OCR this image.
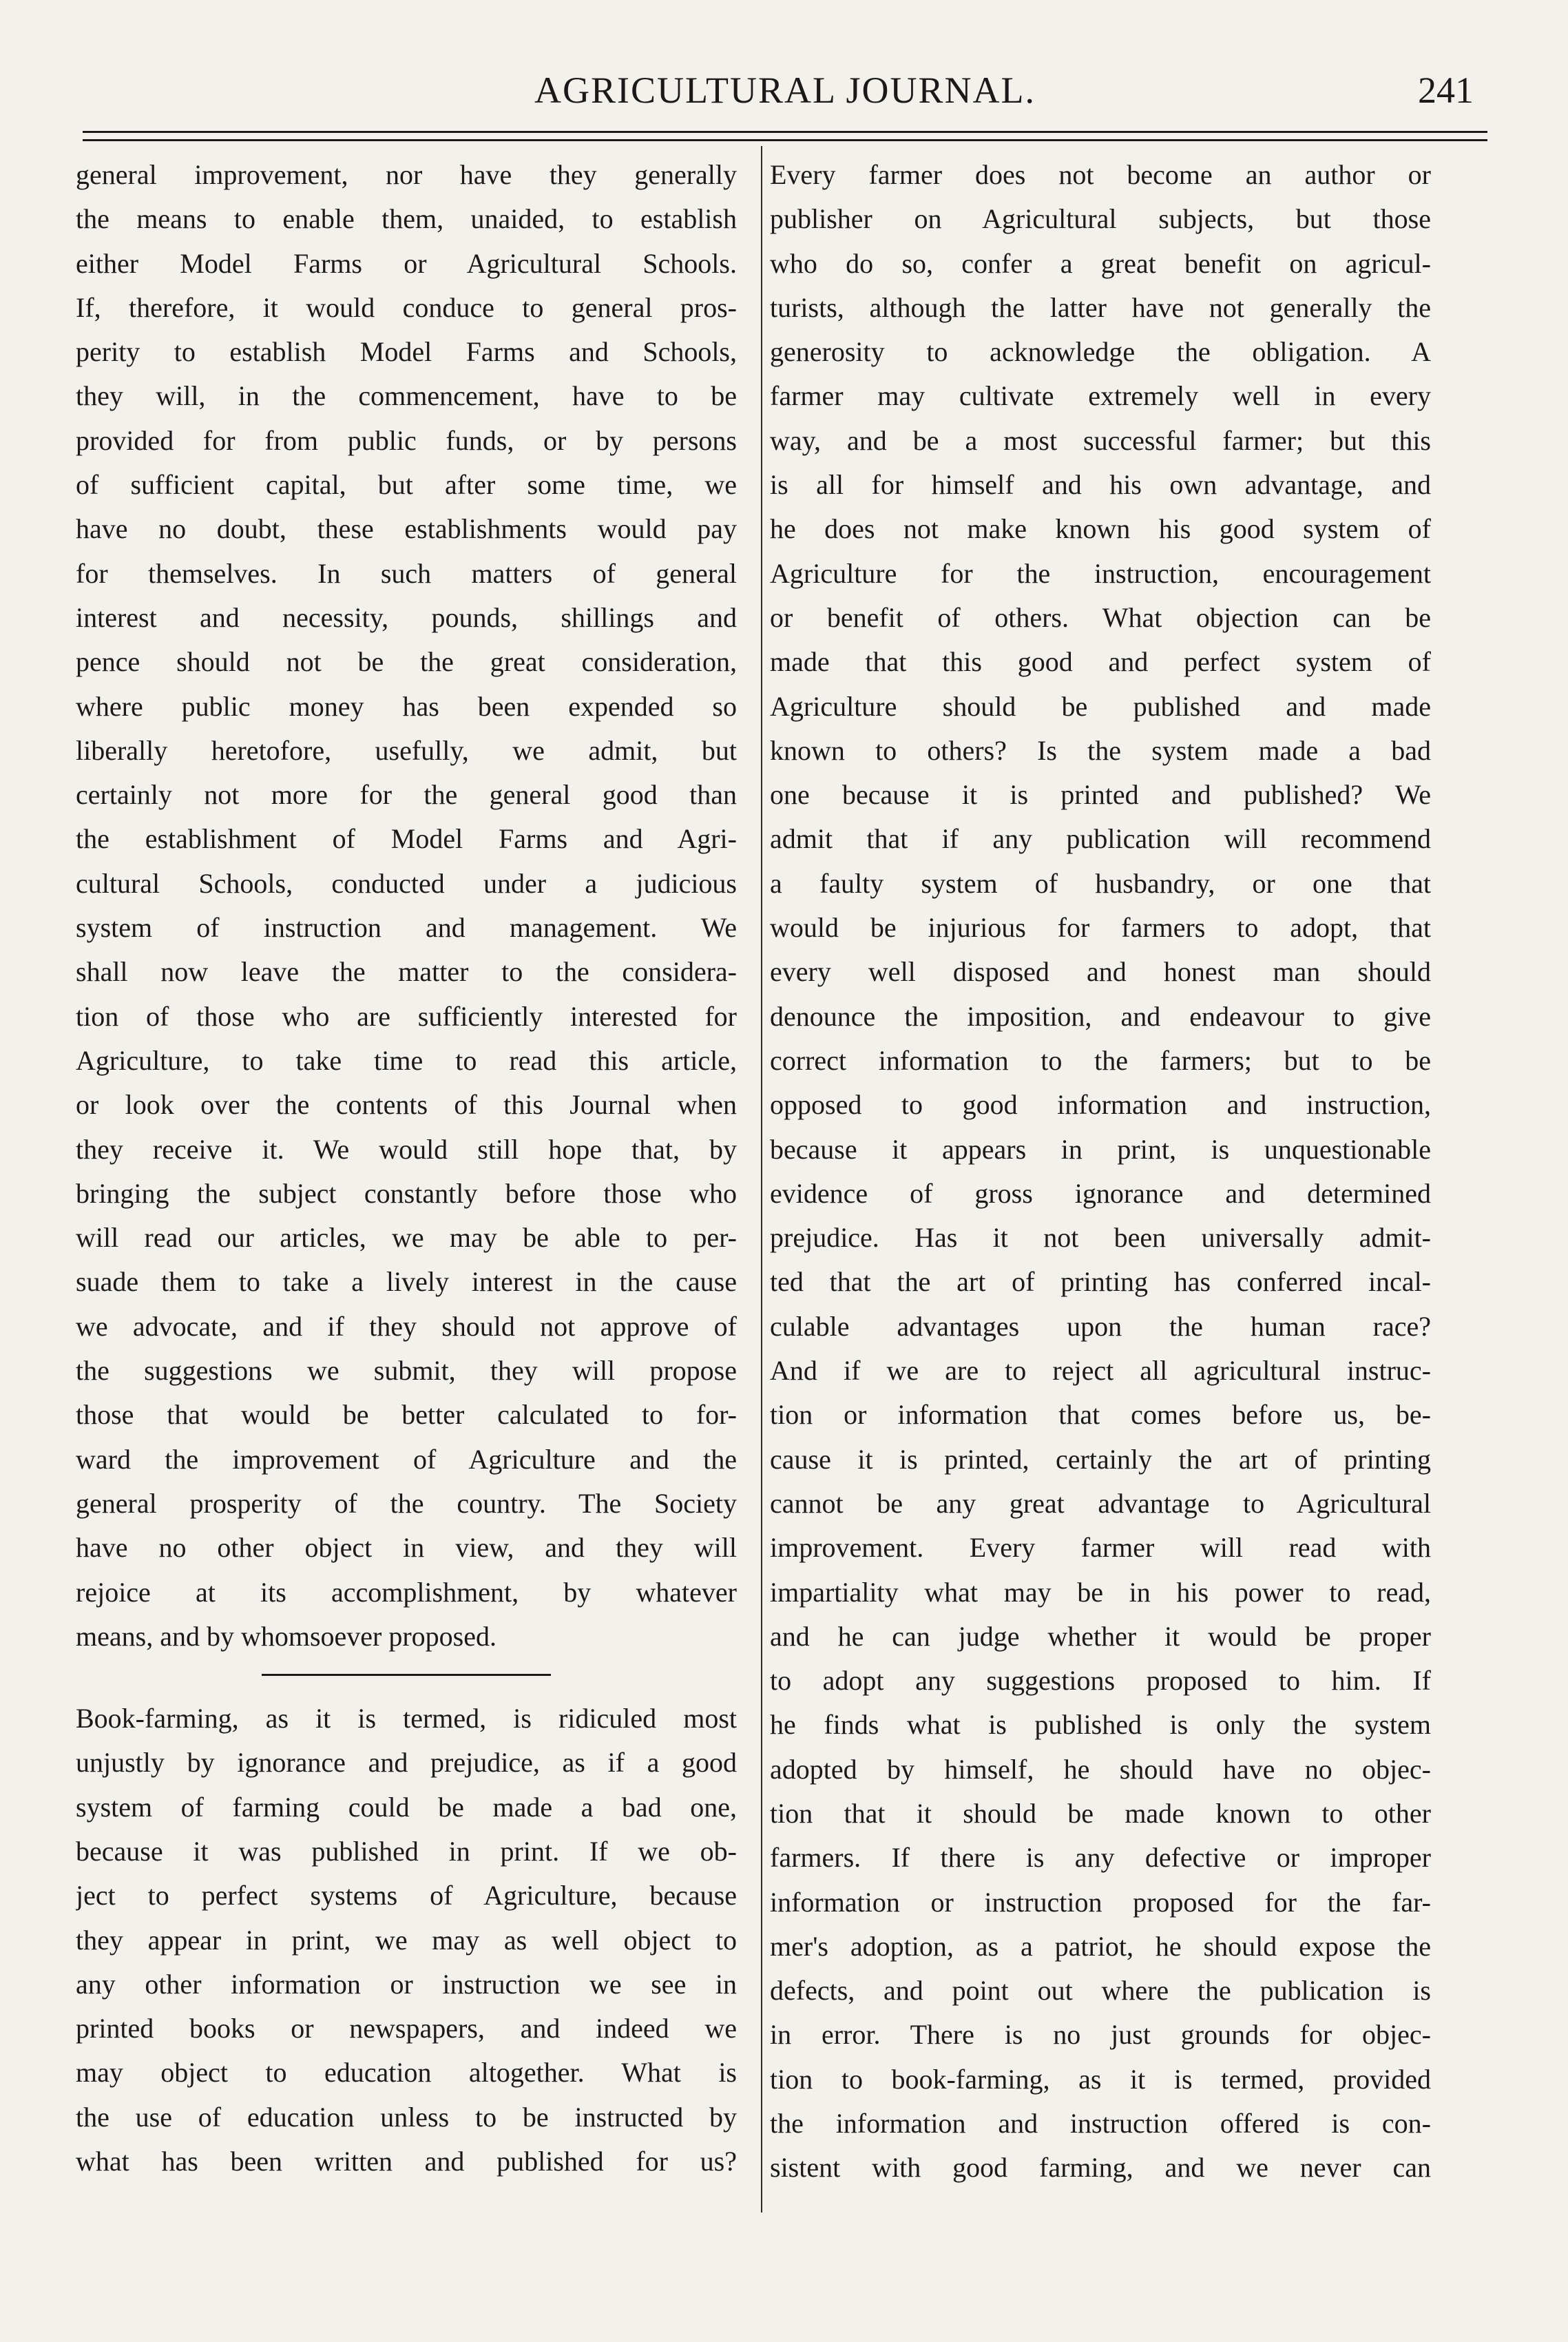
AGRICULTURAL JOURNAL.	241
general improvement, nor have they generally
the means to enable them, unaided, to establish
either Model Farms or Agricultural Schools.
If, therefore, it would conduce to general pros-
perity to establish Model Farms and Schools,
they will, in the commencement, have to be
provided for from public funds, or by persons
of sufficient capital, but after some time, we
have no doubt, these establishments would pay
for themselves. In such matters of general
interest and necessity, pounds, shillings and
pence should not be the great consideration,
where public money has been expended so
liberally heretofore, usefully, we admit, but
certainly not more for the general good than
the establishment of Model Farms and Agri-
cultural Schools, conducted under a judicious
system of instruction and management. We
shall now leave the matter to the considera-
tion of those who are sufficiently interested for
Agriculture, to take time to read this article,
or look over the contents of this Journal when
they receive it. We would still hope that, by
bringing the subject constantly before those who
will read our articles, we may be able to per-
suade them to take a lively interest in the cause
we advocate, and if they should not approve of
the suggestions we submit, they will propose
those that would be better calculated to for-
ward the improvement of Agriculture and the
general prosperity of the country. The Society
have no other object in view, and they will
rejoice at its accomplishment, by whatever
means, and by whomsoever proposed.
Book-farming, as it is termed, is ridiculed most
unjustly by ignorance and prejudice, as if a good
system of farming could be made a bad one,
because it was published in print. If we ob-
ject to perfect systems of Agriculture, because
they appear in print, we may as well object to
any other information or instruction we see in
printed books or newspapers, and indeed we
may object to education altogether. What is
the use of education unless to be instructed by
what has been written and published for us?
Every farmer does not become an author or
publisher on Agricultural subjects, but those
who do so, confer a great benefit on agricul-
turists, although the latter have not generally the
generosity to acknowledge the obligation. A
farmer may cultivate extremely well in every
way, and be a most successful farmer; but this
is all for himself and his own advantage, and
he does not make known his good system of
Agriculture for the instruction, encouragement
or benefit of others. What objection can be
made that this good and perfect system of
Agriculture should be published and made
known to others? Is the system made a bad
one because it is printed and published? We
admit that if any publication will recommend
a faulty system of husbandry, or one that
would be injurious for farmers to adopt, that
every well disposed and honest man should
denounce the imposition, and endeavour to give
correct information to the farmers; but to be
opposed to good information and instruction,
because it appears in print, is unquestionable
evidence of gross ignorance and determined
prejudice. Has it not been universally admit-
ted that the art of printing has conferred incal-
culable advantages upon the human race?
And if we are to reject all agricultural instruc-
tion or information that comes before us, be-
cause it is printed, certainly the art of printing
cannot be any great advantage to Agricultural
improvement. Every farmer will read with
impartiality what may be in his power to read,
and he can judge whether it would be proper
to adopt any suggestions proposed to him. If
he finds what is published is only the system
adopted by himself, he should have no objec-
tion that it should be made known to other
farmers. If there is any defective or improper
information or instruction proposed for the far-
mer's adoption, as a patriot, he should expose the
defects, and point out where the publication is
in error. There is no just grounds for objec-
tion to book-farming, as it is termed, provided
the information and instruction offered is con-
sistent with good farming, and we never can
